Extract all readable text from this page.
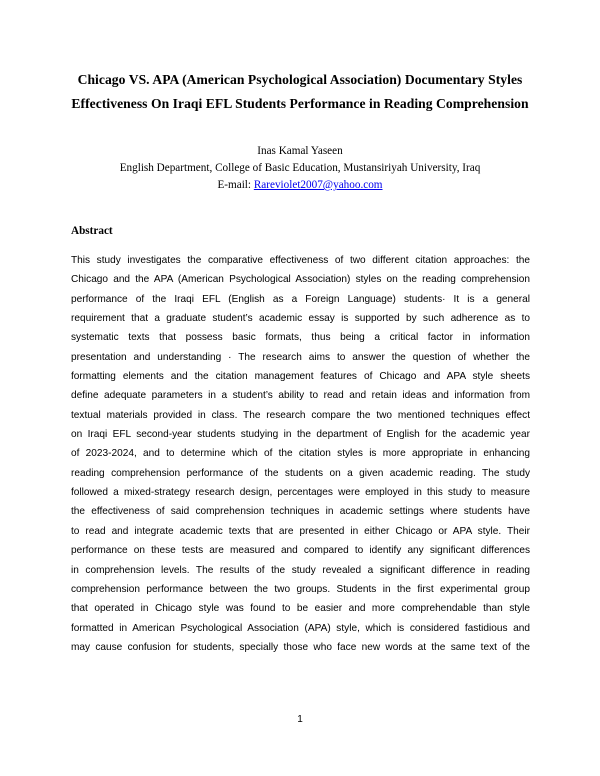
Chicago VS. APA (American Psychological Association) Documentary Styles
Effectiveness On Iraqi EFL Students Performance in Reading Comprehension
Inas Kamal Yaseen
English Department, College of Basic Education, Mustansiriyah University, Iraq
E-mail: Rareviolet2007@yahoo.com
Abstract
This study investigates the comparative effectiveness of two different citation approaches: the
Chicago and the APA (American Psychological Association) styles on the reading comprehension
performance of the Iraqi EFL (English as a Foreign Language) students· It is a general
requirement that a graduate student’s academic essay is supported by such adherence as to
systematic texts that possess basic formats, thus being a critical factor in information
presentation and understanding · The research aims to answer the question of whether the
formatting elements and the citation management features of Chicago and APA style sheets
define adequate parameters in a student’s ability to read and retain ideas and information from
textual materials provided in class. The research compare the two mentioned techniques effect
on Iraqi EFL second-year students studying in the department of English for the academic year
of 2023-2024, and to determine which of the citation styles is more appropriate in enhancing
reading comprehension performance of the students on a given academic reading. The study
followed a mixed-strategy research design, percentages were employed in this study to measure
the effectiveness of said comprehension techniques in academic settings where students have
to read and integrate academic texts that are presented in either Chicago or APA style. Their
performance on these tests are measured and compared to identify any significant differences
in comprehension levels. The results of the study revealed a significant difference in reading
comprehension performance between the two groups. Students in the first experimental group
that operated in Chicago style was found to be easier and more comprehendable than style
formatted in American Psychological Association (APA) style, which is considered fastidious and
may cause confusion for students, specially those who face new words at the same text of the
1
